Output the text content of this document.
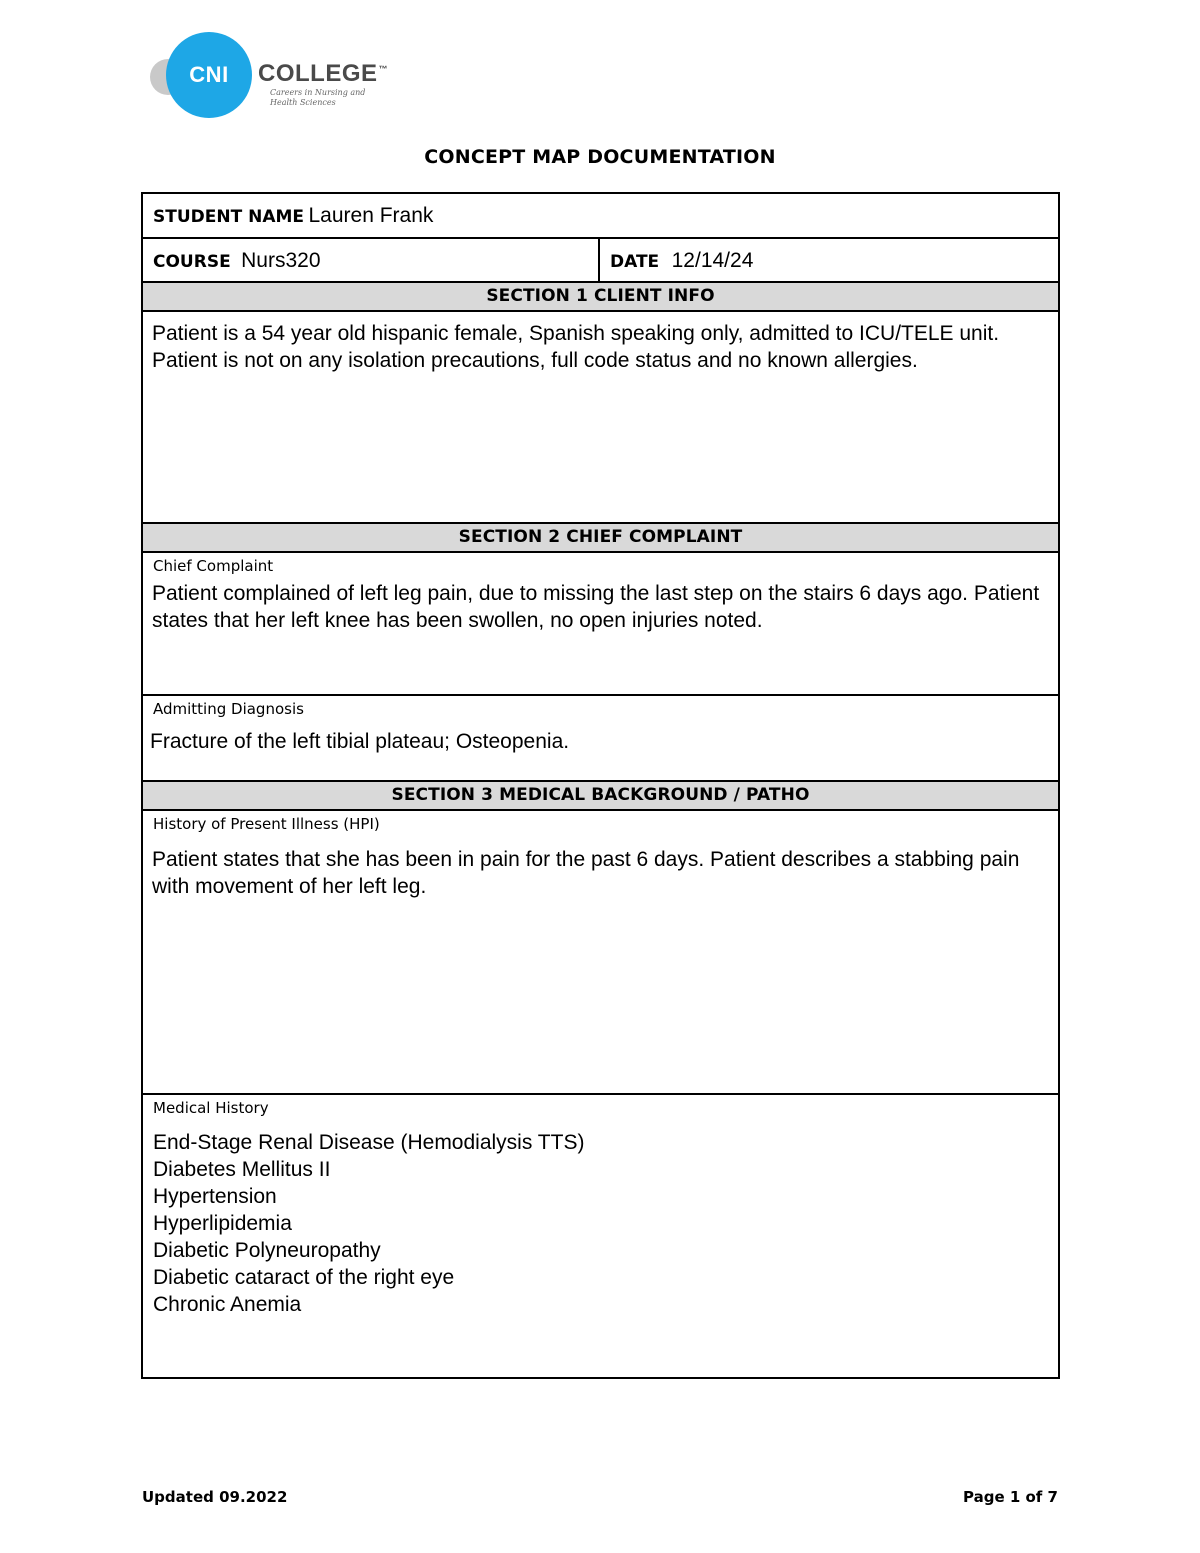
CNI COLLEGE™
Careers in Nursing and
Health Sciences
CONCEPT MAP DOCUMENTATION
STUDENT NAME Lauren Frank
COURSE Nurs320	DATE 12/14/24
SECTION 1 CLIENT INFO
Patient is a 54 year old hispanic female, Spanish speaking only, admitted to ICU/TELE unit. Patient is not on any isolation precautions, full code status and no known allergies.
SECTION 2 CHIEF COMPLAINT
Chief Complaint
Patient complained of left leg pain, due to missing the last step on the stairs 6 days ago. Patient states that her left knee has been swollen, no open injuries noted.
Admitting Diagnosis
Fracture of the left tibial plateau; Osteopenia.
SECTION 3 MEDICAL BACKGROUND / PATHO
History of Present Illness (HPI)
Patient states that she has been in pain for the past 6 days. Patient describes a stabbing pain with movement of her left leg.
Medical History
End-Stage Renal Disease (Hemodialysis TTS)
Diabetes Mellitus II
Hypertension
Hyperlipidemia
Diabetic Polyneuropathy
Diabetic cataract of the right eye
Chronic Anemia
Updated 09.2022	Page 1 of 7
